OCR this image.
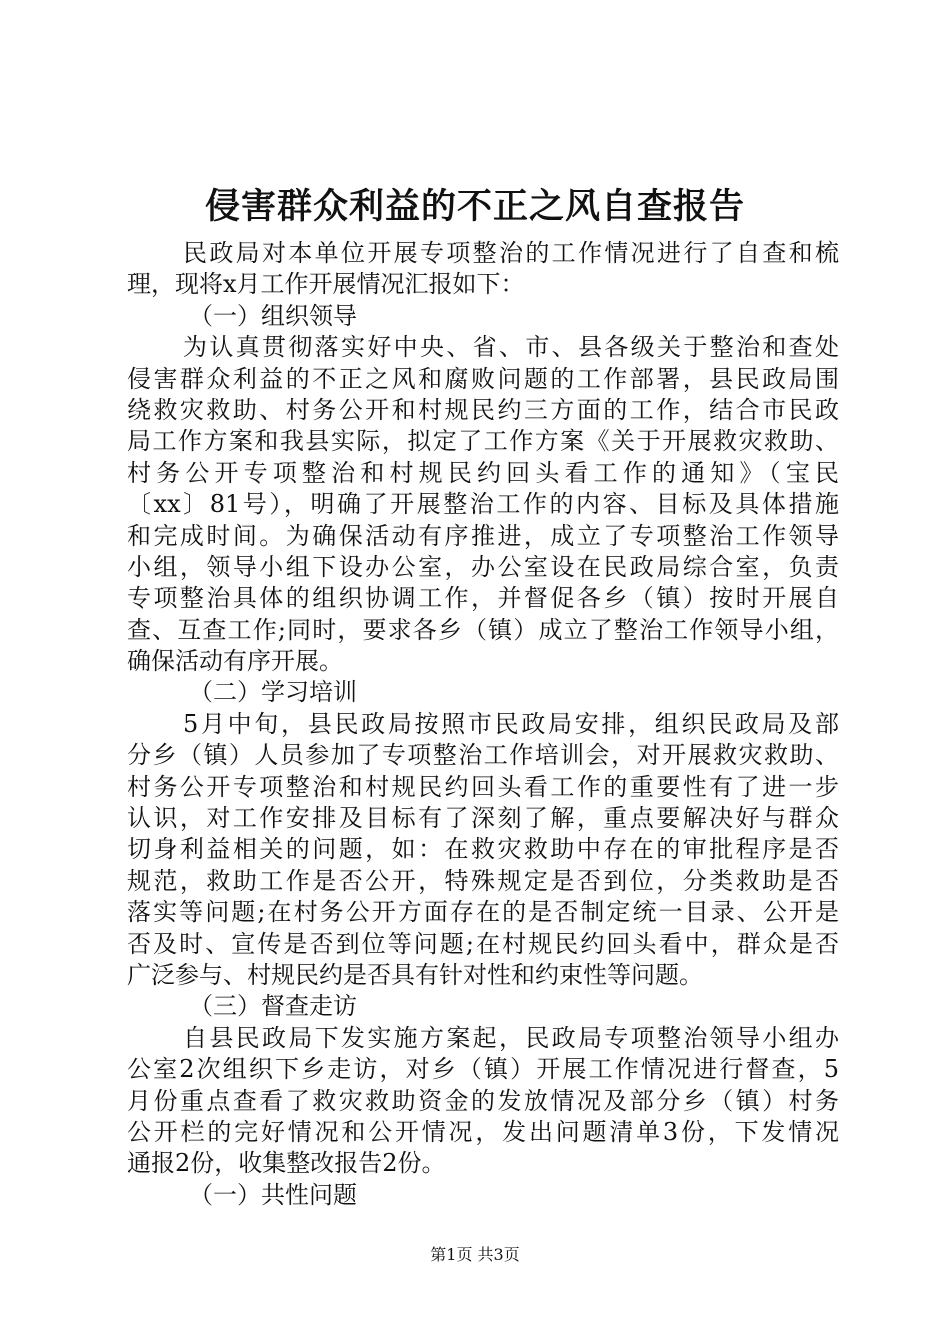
侵害群众利益的不正之风自查报告
民政局对本单位开展专项整治的工作情况进行了自查和梳
理，现将x月工作开展情况汇报如下：
（一）组织领导
为认真贯彻落实好中央、省、市、县各级关于整治和查处
侵害群众利益的不正之风和腐败问题的工作部署，县民政局围
绕救灾救助、村务公开和村规民约三方面的工作，结合市民政
局工作方案和我县实际，拟定了工作方案《关于开展救灾救助、
村务公开专项整治和村规民约回头看工作的通知》（宝民
〔xx〕81号），明确了开展整治工作的内容、目标及具体措施
和完成时间。为确保活动有序推进，成立了专项整治工作领导
小组，领导小组下设办公室，办公室设在民政局综合室，负责
专项整治具体的组织协调工作，并督促各乡（镇）按时开展自
查、互查工作;同时，要求各乡（镇）成立了整治工作领导小组，
确保活动有序开展。
（二）学习培训
5月中旬，县民政局按照市民政局安排，组织民政局及部
分乡（镇）人员参加了专项整治工作培训会，对开展救灾救助、
村务公开专项整治和村规民约回头看工作的重要性有了进一步
认识，对工作安排及目标有了深刻了解，重点要解决好与群众
切身利益相关的问题，如：在救灾救助中存在的审批程序是否
规范，救助工作是否公开，特殊规定是否到位，分类救助是否
落实等问题;在村务公开方面存在的是否制定统一目录、公开是
否及时、宣传是否到位等问题;在村规民约回头看中，群众是否
广泛参与、村规民约是否具有针对性和约束性等问题。
（三）督查走访
自县民政局下发实施方案起，民政局专项整治领导小组办
公室2次组织下乡走访，对乡（镇）开展工作情况进行督查，5
月份重点查看了救灾救助资金的发放情况及部分乡（镇）村务
公开栏的完好情况和公开情况，发出问题清单3份，下发情况
通报2份，收集整改报告2份。
（一）共性问题
第1页 共3页
